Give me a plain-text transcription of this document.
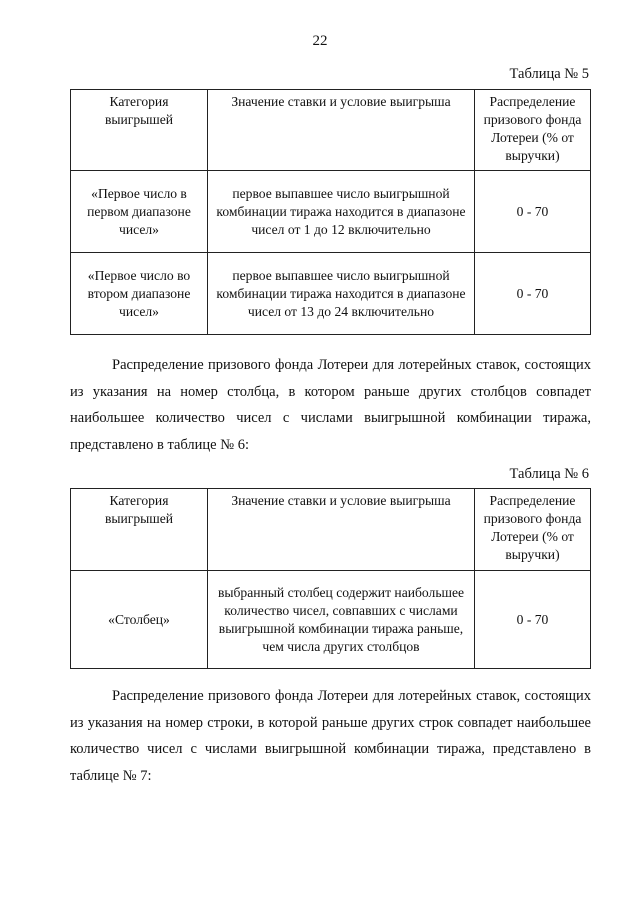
22
Таблица № 5
Категория выигрышей	Значение ставки и условие выигрыша	Распределение призового фонда Лотереи (% от выручки)
«Первое число в первом диапазоне чисел»	первое выпавшее число выигрышной комбинации тиража находится в диапазоне чисел от 1 до 12 включительно	0 - 70
«Первое число во втором диапазоне чисел»	первое выпавшее число выигрышной комбинации тиража находится в диапазоне чисел от 13 до 24 включительно	0 - 70

Распределение призового фонда Лотереи для лотерейных ставок, состоящих из указания на номер столбца, в котором раньше других столбцов совпадет наибольшее количество чисел с числами выигрышной комбинации тиража, представлено в таблице № 6:

Таблица № 6
Категория выигрышей	Значение ставки и условие выигрыша	Распределение призового фонда Лотереи (% от выручки)
«Столбец»	выбранный столбец содержит наибольшее количество чисел, совпавших с числами выигрышной комбинации тиража раньше, чем числа других столбцов	0 - 70

Распределение призового фонда Лотереи для лотерейных ставок, состоящих из указания на номер строки, в которой раньше других строк совпадет наибольшее количество чисел с числами выигрышной комбинации тиража, представлено в таблице № 7:
